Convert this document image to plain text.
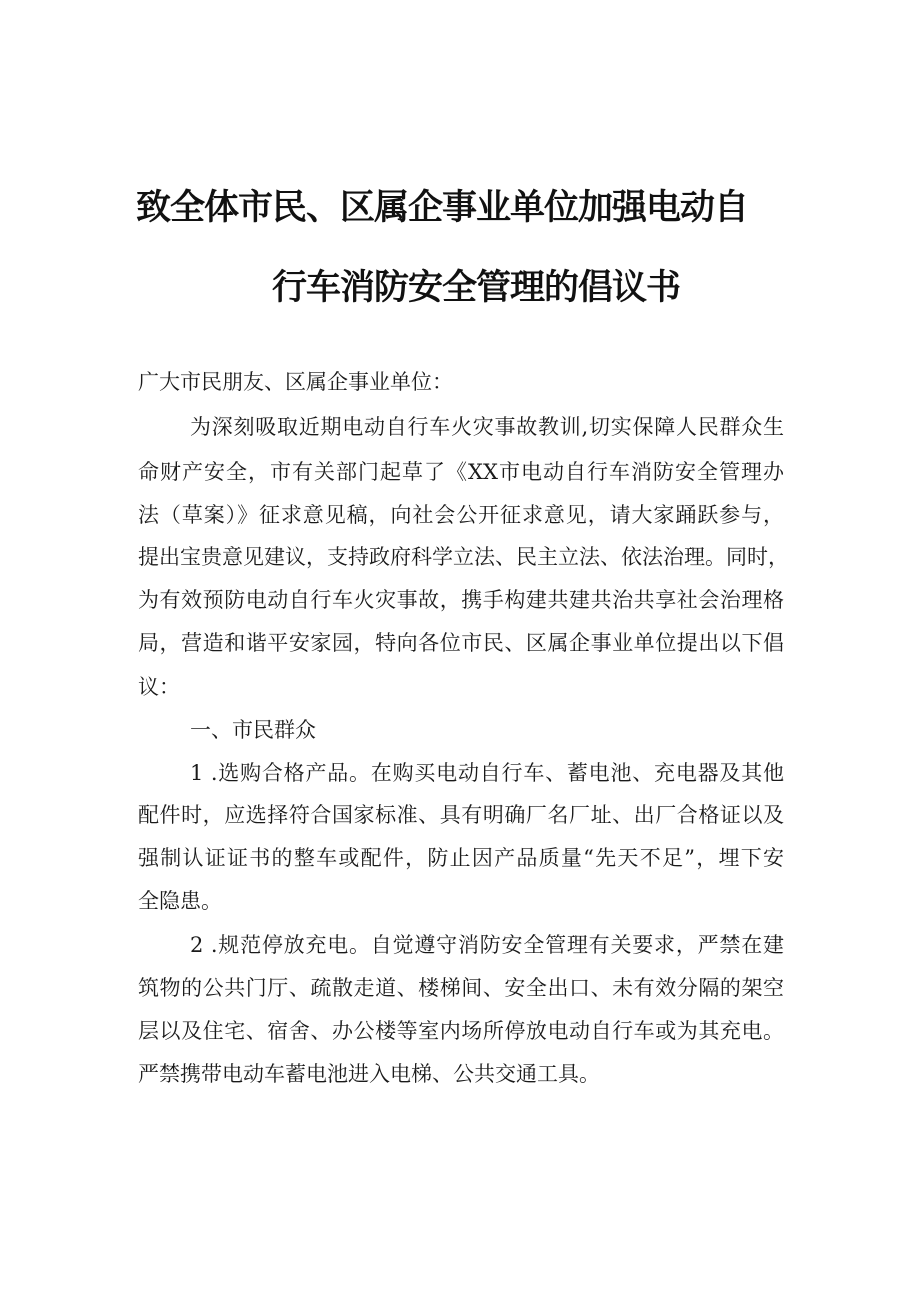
致全体市民、区属企事业单位加强电动自
行车消防安全管理的倡议书
广大市民朋友、区属企事业单位：
为深刻吸取近期电动自行车火灾事故教训,切实保障人民群众生
命财产安全，市有关部门起草了《XX市电动自行车消防安全管理办
法（草案）》征求意见稿，向社会公开征求意见，请大家踊跃参与，
提出宝贵意见建议，支持政府科学立法、民主立法、依法治理。同时，
为有效预防电动自行车火灾事故，携手构建共建共治共享社会治理格
局，营造和谐平安家园，特向各位市民、区属企事业单位提出以下倡
议：
一、市民群众
1 .选购合格产品。在购买电动自行车、蓄电池、充电器及其他
配件时，应选择符合国家标准、具有明确厂名厂址、出厂合格证以及
强制认证证书的整车或配件，防止因产品质量“先天不足”，埋下安
全隐患。
2 .规范停放充电。自觉遵守消防安全管理有关要求，严禁在建
筑物的公共门厅、疏散走道、楼梯间、安全出口、未有效分隔的架空
层以及住宅、宿舍、办公楼等室内场所停放电动自行车或为其充电。
严禁携带电动车蓄电池进入电梯、公共交通工具。
